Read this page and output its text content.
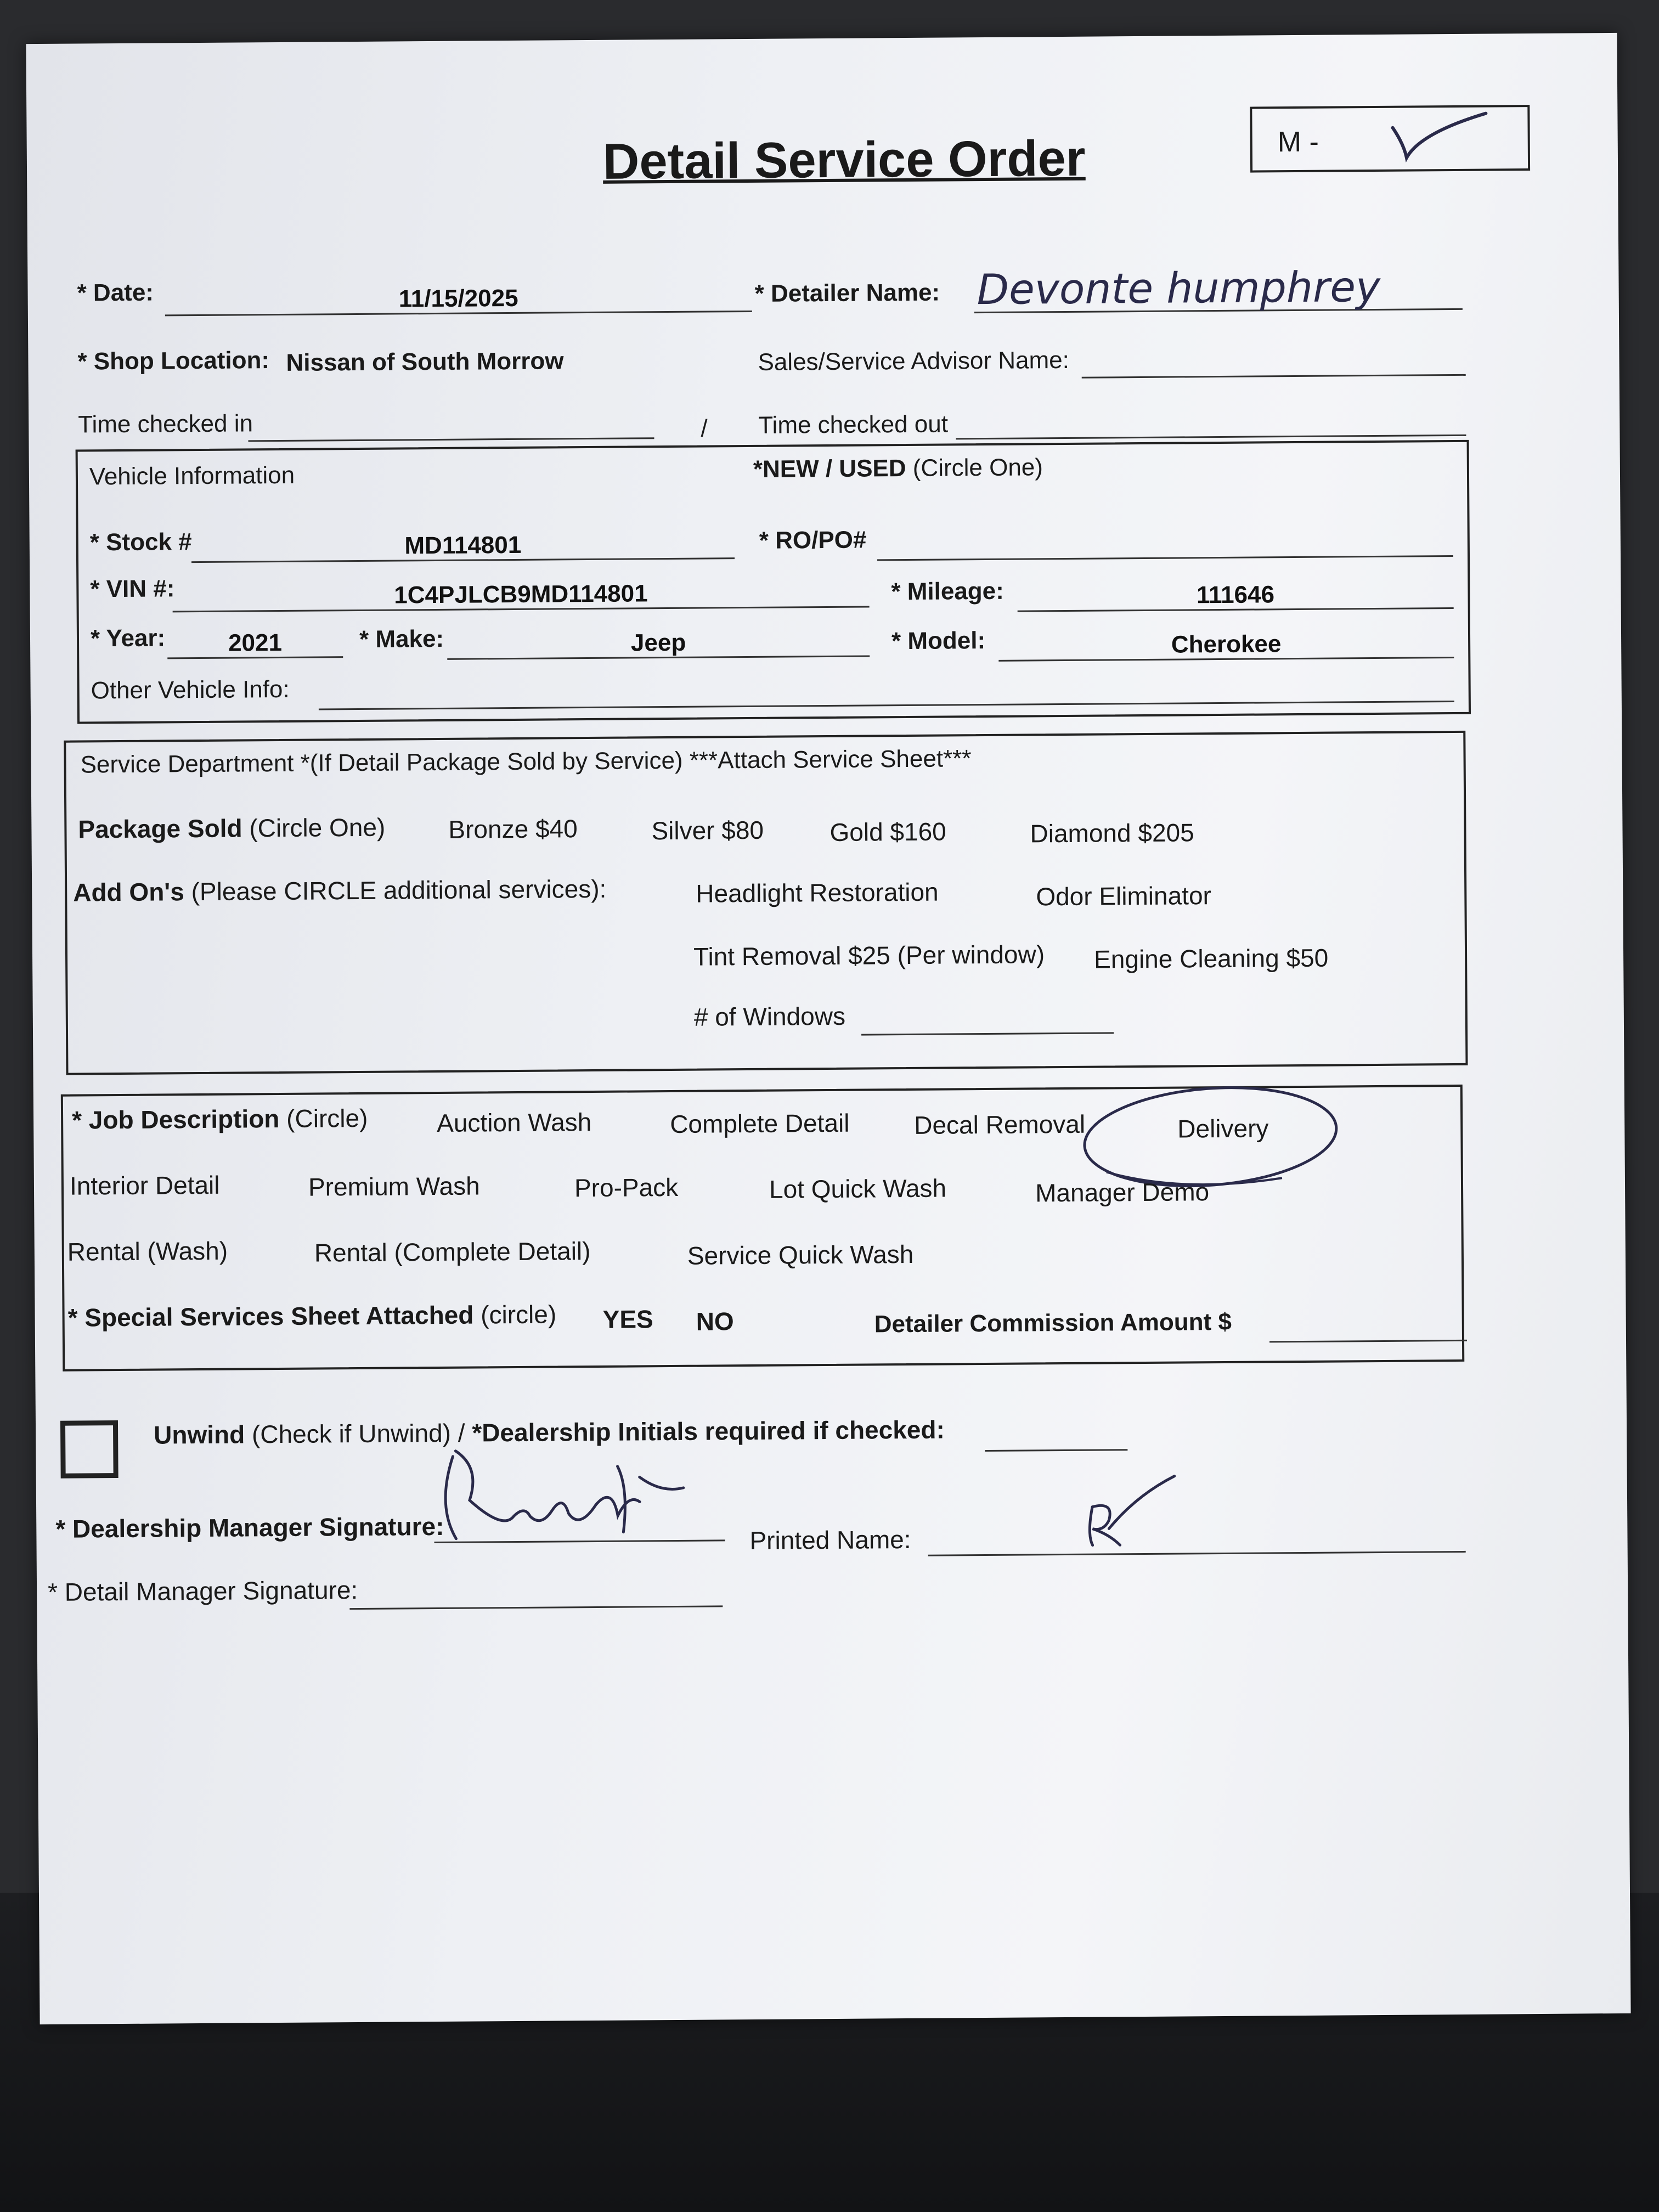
Detail Service Order	M -
* Date:	11/15/2025	* Detailer Name: Devonte humphrey
* Shop Location: Nissan of South Morrow	Sales/Service Advisor Name:
Time checked in	/ Time checked out
Vehicle Information	*NEW / USED (Circle One)
* Stock #	MD114801	* RO/PO#
* VIN #:	1C4PJLCB9MD114801	* Mileage:	111646
* Year:	2021	* Make:	Jeep	* Model:	Cherokee
Other Vehicle Info:
Service Department *(If Detail Package Sold by Service) ***Attach Service Sheet***
Package Sold (Circle One) Bronze $40	Silver $80	Gold $160	Diamond $205
Add On's (Please CIRCLE additional services):	Headlight Restoration	Odor Eliminator
Tint Removal $25 (Per window) Engine Cleaning $50
# of Windows
* Job Description (Circle)	Auction Wash	Complete Detail	Decal Removal	Delivery
Interior Detail	Premium Wash	Pro-Pack	Lot Quick Wash	Manager Demo
Rental (Wash)	Rental (Complete Detail)	Service Quick Wash
* Special Services Sheet Attached (circle) YES NO	Detailer Commission Amount $
Unwind (Check if Unwind) / *Dealership Initials required if checked:
* Dealership Manager Signature:	Printed Name:
* Detail Manager Signature:
